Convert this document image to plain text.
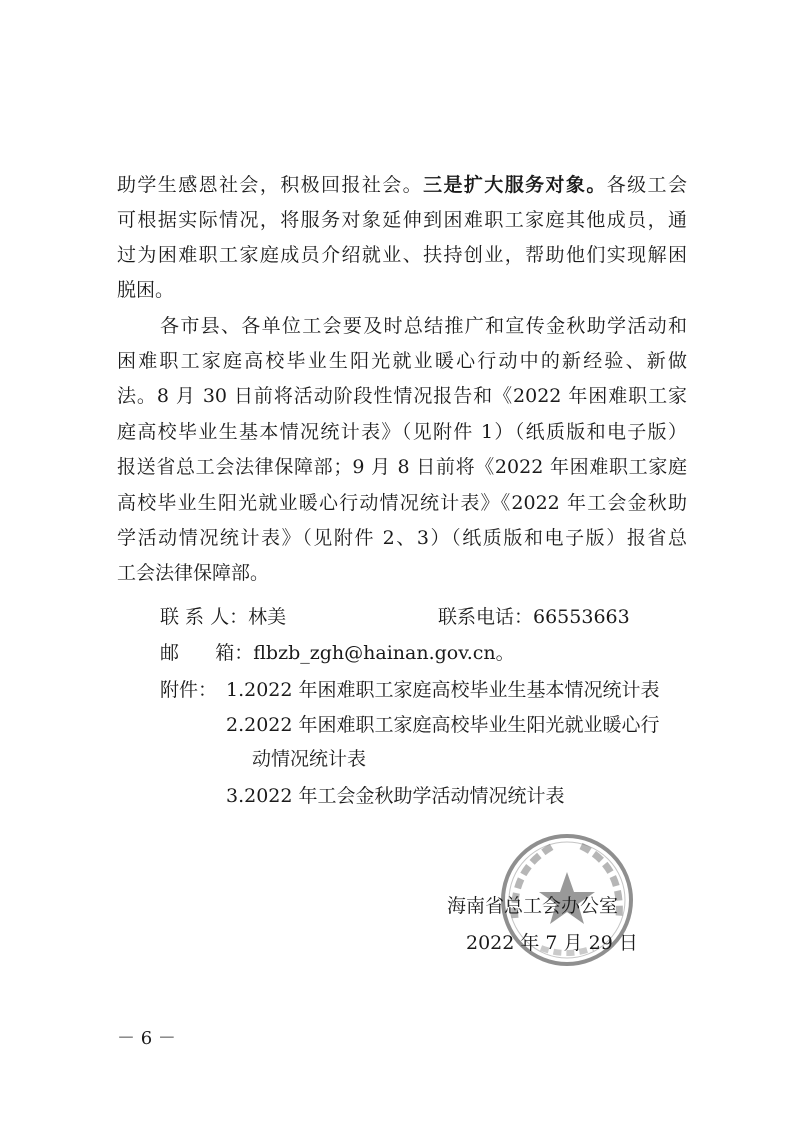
助学生感恩社会，积极回报社会。三是扩大服务对象。各级工会
可根据实际情况，将服务对象延伸到困难职工家庭其他成员，通
过为困难职工家庭成员介绍就业、扶持创业，帮助他们实现解困
脱困。
各市县、各单位工会要及时总结推广和宣传金秋助学活动和
困难职工家庭高校毕业生阳光就业暖心行动中的新经验、新做
法。8 月 30 日前将活动阶段性情况报告和《2022 年困难职工家
庭高校毕业生基本情况统计表》（见附件 1）（纸质版和电子版）
报送省总工会法律保障部；9 月 8 日前将《2022 年困难职工家庭
高校毕业生阳光就业暖心行动情况统计表》《2022 年工会金秋助
学活动情况统计表》（见附件 2、3）（纸质版和电子版）报省总
工会法律保障部。
联 系 人：林美	联系电话：66553663
邮      箱：flbzb_zgh@hainan.gov.cn。
附件： 1.2022 年困难职工家庭高校毕业生基本情况统计表
2.2022 年困难职工家庭高校毕业生阳光就业暖心行
动情况统计表
3.2022 年工会金秋助学活动情况统计表
海南省总工会办公室
2022 年 7 月 29 日
－ 6 －
